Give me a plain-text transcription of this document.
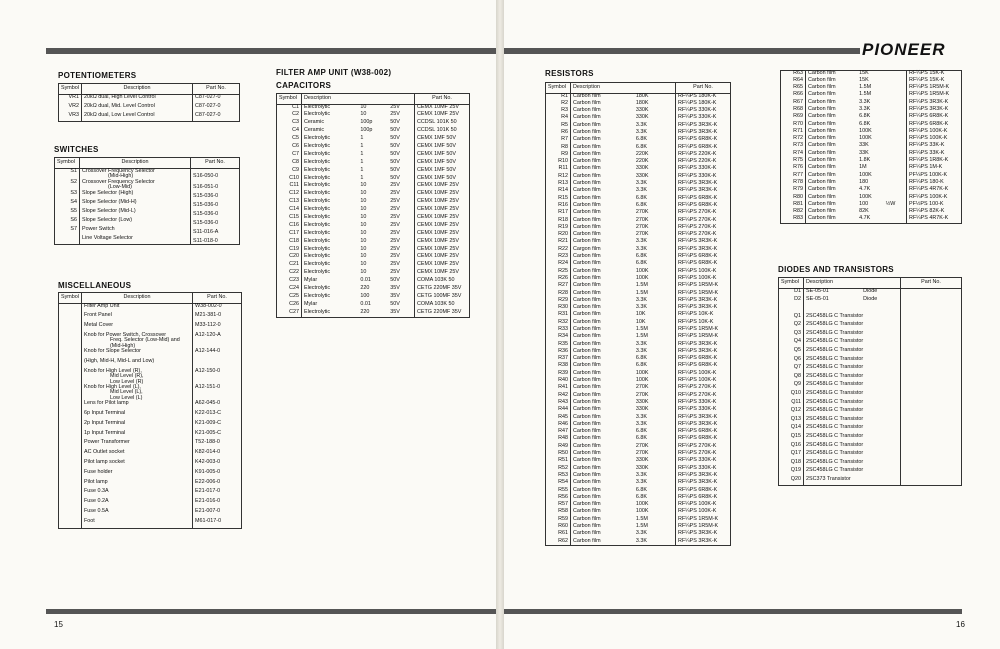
PIONEER
15	16
POTENTIOMETERS
Symbol	Description	Part No.
VR1	20kΩ dual, High Level Control	C87-027-0
VR2	20kΩ dual, Mid. Level Control	C87-027-0
VR3	20kΩ dual, Low Level Control	C87-027-0
SWITCHES
Symbol	Description	Part No.
S1	Crossover Frequency Selector
(Mid-High)	S16-050-0
S2	Crossover Frequency Selector
(Low-Mid)	S16-051-0
S3	Slope Selector (High)	S15-036-0
S4	Slope Selector (Mid-H)	S15-036-0
S5	Slope Selector (Mid-L)	S15-036-0
S6	Slope Selector (Low)	S15-036-0
S7	Power Switch	S11-016-A

	Line Voltage Selector	S11-018-0
MISCELLANEOUS
Symbol	Description	Part No.

	Filter Amp Unit	W38-002-0

	Front Panel	M21-381-0

	Metal Cover	M33-112-0

	Knob for Power Switch, Crossover
Freq. Selector (Low-Mid) and
(Mid-High)	A12-120-A

	Knob for Slope Selector	A12-144-0

	(High, Mid-H, Mid-L and Low)	

	Knob for High Level (R),
Mid Level (R),
Low Level (R)	A12-150-0

	Knob for High Level (L),
Mid Level (L),
Low Level (L)	A12-151-0

	Lens for Pilot lamp	A62-045-0

	6p Input Terminal	K22-013-C

	2p Input Terminal	K21-009-C

	1p Input Terminal	K21-005-C

	Power Transformer	T52-188-0

	AC Outlet socket	K82-014-0

	Pilot lamp socket	K42-003-0

	Fuse holder	K91-005-0

	Pilot lamp	E22-006-0

	Fuse 0.3A	E21-017-0

	Fuse 0.2A	E21-016-0

	Fuse 0.5A	E21-007-0

	Foot	M61-017-0
FILTER AMP UNIT (W38-002)
CAPACITORS
Symbol	Description			Part No.
C1	Electrolytic	10	25V	CEMX 10MF 25V
C2	Electrolytic	10	25V	CEMX 10MF 25V
C3	Ceramic	100p	50V	CCDSL 101K 50
C4	Ceramic	100p	50V	CCDSL 101K 50
C5	Electrolytic	1	50V	CEMX 1MF 50V
C6	Electrolytic	1	50V	CEMX 1MF 50V
C7	Electrolytic	1	50V	CEMX 1MF 50V
C8	Electrolytic	1	50V	CEMX 1MF 50V
C9	Electrolytic	1	50V	CEMX 1MF 50V
C10	Electrolytic	1	50V	CEMX 1MF 50V
C11	Electrolytic	10	25V	CEMX 10MF 25V
C12	Electrolytic	10	25V	CEMX 10MF 25V
C13	Electrolytic	10	25V	CEMX 10MF 25V
C14	Electrolytic	10	25V	CEMX 10MF 25V
C15	Electrolytic	10	25V	CEMX 10MF 25V
C16	Electrolytic	10	25V	CEMX 10MF 25V
C17	Electrolytic	10	25V	CEMX 10MF 25V
C18	Electrolytic	10	25V	CEMX 10MF 25V
C19	Electrolytic	10	25V	CEMX 10MF 25V
C20	Electrolytic	10	25V	CEMX 10MF 25V
C21	Electrolytic	10	25V	CEMX 10MF 25V
C22	Electrolytic	10	25V	CEMX 10MF 25V
C23	Mylar	0.01	50V	COMA 103K 50
C24	Electrolytic	220	35V	CETG 220MF 35V
C25	Electrolytic	100	35V	CETG 100MF 35V
C26	Mylar	0.01	50V	COMA 103K 50
C27	Electrolytic	220	35V	CETG 220MF 35V
RESISTORS
Symbol	Description			Part No.
R1	Carbon film	180K		RF¼PS 180K-K
R2	Carbon film	180K		RF¼PS 180K-K
R3	Carbon film	330K		RF¼PS 330K-K
R4	Carbon film	330K		RF¼PS 330K-K
R5	Carbon film	3.3K		RF¼PS 3R3K-K
R6	Carbon film	3.3K		RF¼PS 3R3K-K
R7	Carbon film	6.8K		RF¼PS 6R8K-K
R8	Carbon film	6.8K		RF¼PS 6R8K-K
R9	Carbon film	220K		RF¼PS 220K-K
R10	Carbon film	220K		RF¼PS 220K-K
R11	Carbon film	330K		RF¼PS 330K-K
R12	Carbon film	330K		RF¼PS 330K-K
R13	Carbon film	3.3K		RF¼PS 3R3K-K
R14	Carbon film	3.3K		RF¼PS 3R3K-K
R15	Carbon film	6.8K		RF¼PS 6R8K-K
R16	Carbon film	6.8K		RF¼PS 6R8K-K
R17	Carbon film	270K		RF¼PS 270K-K
R18	Carbon film	270K		RF¼PS 270K-K
R19	Carbon film	270K		RF¼PS 270K-K
R20	Carbon film	270K		RF¼PS 270K-K
R21	Carbon film	3.3K		RF¼PS 3R3K-K
R22	Cargon film	3.3K		RF¼PS 3R3K-K
R23	Carbon film	6.8K		RF¼PS 6R8K-K
R24	Carbon film	6.8K		RF¼PS 6R8K-K
R25	Carbon film	100K		RF¼PS 100K-K
R26	Carbon film	100K		RF¼PS 100K-K
R27	Carbon film	1.5M		RF¼PS 1R5M-K
R28	Carbon film	1.5M		RF¼PS 1R5M-K
R29	Carbon film	3.3K		RF¼PS 3R3K-K
R30	Carbon film	3.3K		RF¼PS 3R3K-K
R31	Carbon film	10K		RF¼PS 10K-K
R32	Carbon film	10K		RF¼PS 10K-K
R33	Carbon film	1.5M		RF¼PS 1R5M-K
R34	Carbon film	1.5M		RF¼PS 1R5M-K
R35	Carbon film	3.3K		RF¼PS 3R3K-K
R36	Carbon film	3.3K		RF¼PS 3R3K-K
R37	Carbon film	6.8K		RF¼PS 6R8K-K
R38	Carbon film	6.8K		RF¼PS 6R8K-K
R39	Carbon film	100K		RF¼PS 100K-K
R40	Carbon film	100K		RF¼PS 100K-K
R41	Carbon film	270K		RF¼PS 270K-K
R42	Carbon film	270K		RF¼PS 270K-K
R43	Carbon film	330K		RF¼PS 330K-K
R44	Carbon film	330K		RF¼PS 330K-K
R45	Carbon film	3.3K		RF¼PS 3R3K-K
R46	Carbon film	3.3K		RF¼PS 3R3K-K
R47	Carbon film	6.8K		RF¼PS 6R8K-K
R48	Carbon film	6.8K		RF¼PS 6R8K-K
R49	Carbon film	270K		RF¼PS 270K-K
R50	Carbon film	270K		RF¼PS 270K-K
R51	Carbon film	330K		RF¼PS 330K-K
R52	Carbon film	330K		RF¼PS 330K-K
R53	Carbon film	3.3K		RF¼PS 3R3K-K
R54	Carbon film	3.3K		RF¼PS 3R3K-K
R55	Carbon film	6.8K		RF¼PS 6R8K-K
R56	Carbon film	6.8K		RF¼PS 6R8K-K
R57	Carbon film	100K		RF¼PS 100K-K
R58	Carbon film	100K		RF¼PS 100K-K
R59	Carbon film	1.5M		RF¼PS 1R5M-K
R60	Carbon film	1.5M		RF¼PS 1R5M-K
R61	Carbon film	3.3K		RF¼PS 3R3K-K
R62	Carbon film	3.3K		RF¼PS 3R3K-K
R63	Carbon film	15K		RF¼PS 15K-K
R64	Carbon film	15K		RF¼PS 15K-K
R65	Carbon film	1.5M		RF¼PS 1R5M-K
R66	Carbon film	1.5M		RF¼PS 1R5M-K
R67	Carbon film	3.3K		RF¼PS 3R3K-K
R68	Carbon film	3.3K		RF¼PS 3R3K-K
R69	Carbon film	6.8K		RF¼PS 6R8K-K
R70	Carbon film	6.8K		RF¼PS 6R8K-K
R71	Carbon film	100K		RF¼PS 100K-K
R72	Carbon film	100K		RF¼PS 100K-K
R73	Carbon film	33K		RF¼PS 33K-K
R74	Carbon film	33K		RF¼PS 33K-K
R75	Carbon film	1.8K		RF¼PS 1R8K-K
R76	Carbon film	1M		RF¼PS 1M-K
R77	Carbon film	100K		PF¼PS 100K-K
R78	Carbon film	180		RF¼PS 180-K
R79	Carbon film	4.7K		RF¼PS 4R7K-K
R80	Carbon film	100K		RF¼PS 100K-K
R81	Carbon film	100	½W	PF½PS 100-K
R82	Carbon film	82K		RF¼PS 82K-K
R83	Carbon film	4.7K		RF¼PS 4R7K-K
DIODES AND TRANSISTORS
Symbol	Description		Part No.
D1	SE-05-01	Diode	
D2	SE-05-01	Diode	

Q1	2SC458LG C Transistor		
Q2	2SC458LG C Transistor		
Q3	2SC458LG C Transistor		
Q4	2SC458LG C Transistor		
Q5	2SC458LG C Transistor		
Q6	2SC458LG C Transistor		
Q7	2SC458LG C Transistor		
Q8	2SC458LG C Transistor		
Q9	2SC458LG C Transistor		
Q10	2SC458LG C Transistor		
Q11	2SC458LG C Transistor		
Q12	2SC458LG C Transistor		
Q13	2SC458LG C Transistor		
Q14	2SC458LG C Transistor		
Q15	2SC458LG C Transistor		
Q16	2SC458LG C Transistor		
Q17	2SC458LG C Transistor		
Q18	2SC458LG C Transistor		
Q19	2SC458LG C Transistor		
Q20	2SC373 Transistor		
